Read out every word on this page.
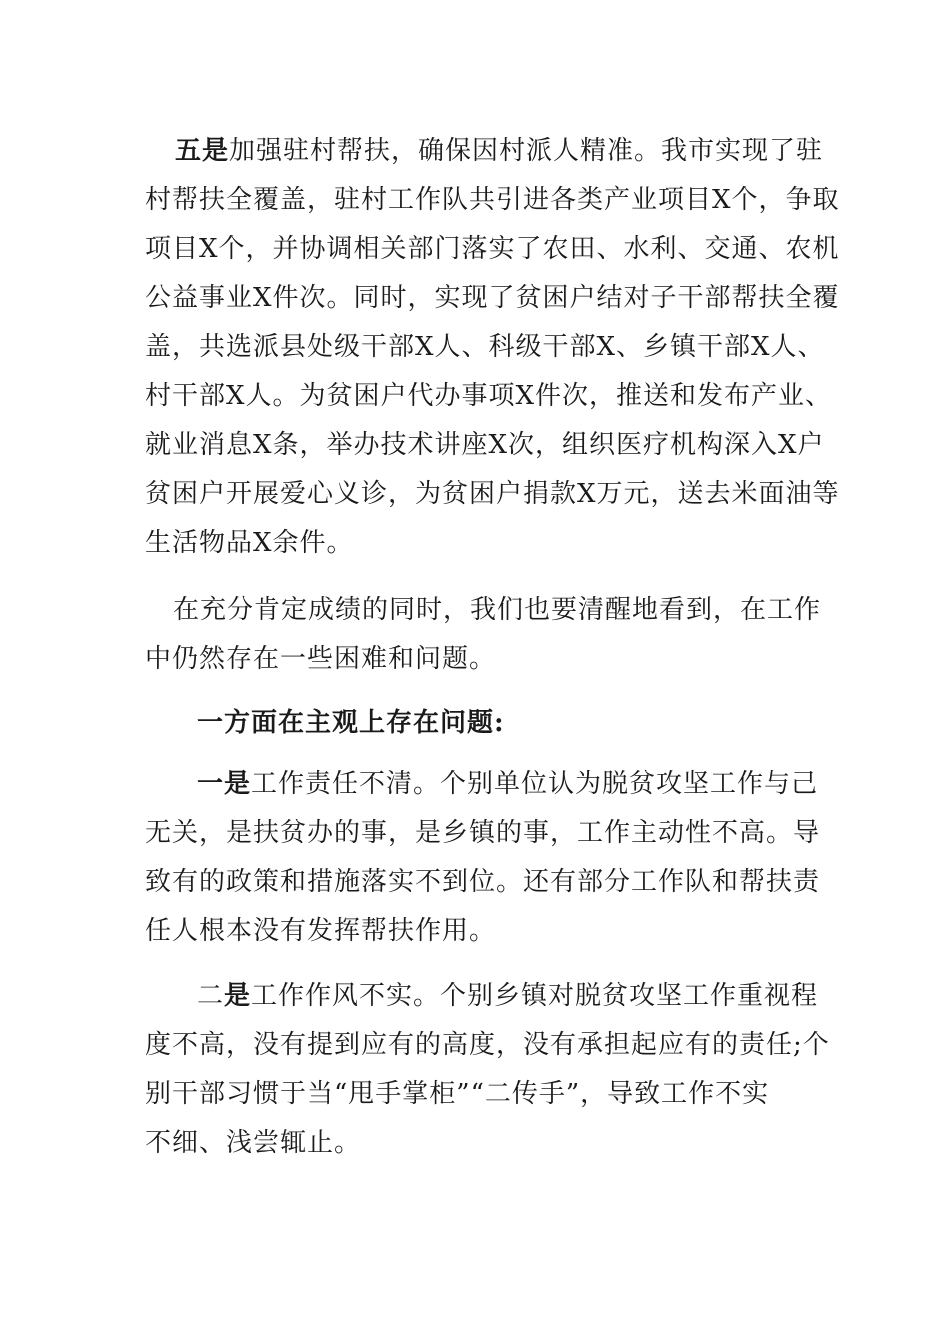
五是加强驻村帮扶，确保因村派人精准。我市实现了驻
村帮扶全覆盖，驻村工作队共引进各类产业项目X个，争取
项目X个，并协调相关部门落实了农田、水利、交通、农机
公益事业X件次。同时，实现了贫困户结对子干部帮扶全覆
盖，共选派县处级干部X人、科级干部X、乡镇干部X人、
村干部X人。为贫困户代办事项X件次，推送和发布产业、
就业消息X条，举办技术讲座X次，组织医疗机构深入X户
贫困户开展爱心义诊，为贫困户捐款X万元，送去米面油等
生活物品X余件。
在充分肯定成绩的同时，我们也要清醒地看到，在工作
中仍然存在一些困难和问题。
一方面在主观上存在问题:
一是工作责任不清。个别单位认为脱贫攻坚工作与己
无关，是扶贫办的事，是乡镇的事，工作主动性不高。导
致有的政策和措施落实不到位。还有部分工作队和帮扶责
任人根本没有发挥帮扶作用。
二是工作作风不实。个别乡镇对脱贫攻坚工作重视程
度不高，没有提到应有的高度，没有承担起应有的责任;个
别干部习惯于当“甩手掌柜”“二传手”，导致工作不实
不细、浅尝辄止。
